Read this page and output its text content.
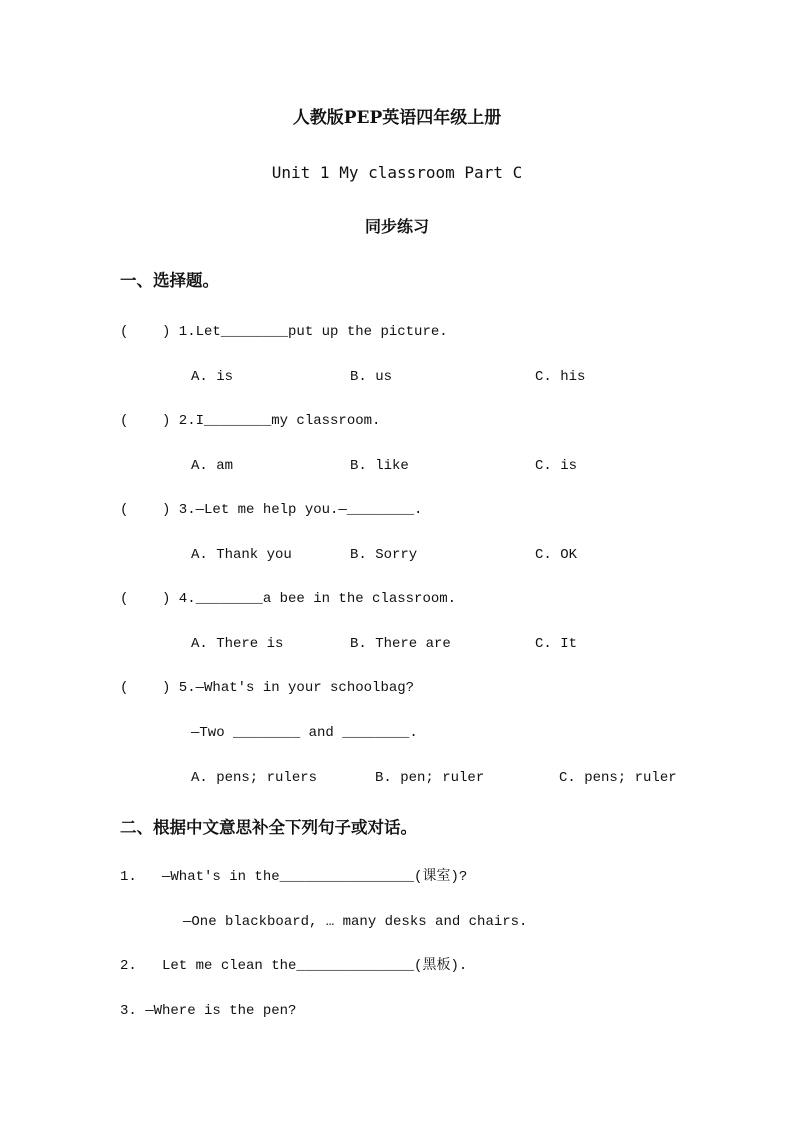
人教版PEP英语四年级上册
Unit 1 My classroom Part C
同步练习
一、选择题。
(    ) 1.Let________put up the picture.
A. is	B. us	C. his
(    ) 2.I________my classroom.
A. am	B. like	C. is
(    ) 3.—Let me help you.—________.
A. Thank you	B. Sorry	C. OK
(    ) 4.________a bee in the classroom.
A. There is	B. There are	C. It
(    ) 5.—What's in your schoolbag?
—Two ________ and ________.
A. pens; rulers	B. pen; ruler	C. pens; ruler
二、根据中文意思补全下列句子或对话。
1.   —What's in the________________(课室)?
—One blackboard, … many desks and chairs.
2.   Let me clean the______________(黑板).
3. —Where is the pen?
